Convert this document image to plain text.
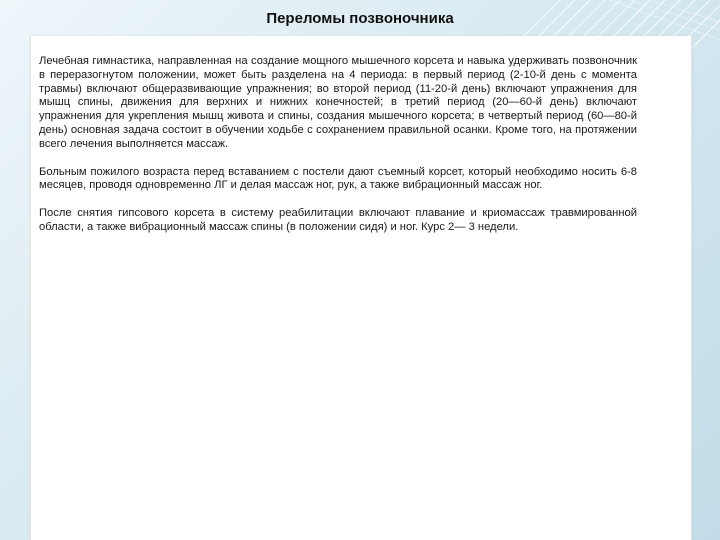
Переломы позвоночника

Лечебная гимнастика, направленная на создание мощного мышечного корсета и навыка удерживать позвоночник в переразогнутом положении, может быть разделена на 4 периода: в первый период (2-10-й день с момента травмы) включают общеразвивающие упражнения; во второй период (11-20-й день) включают упражнения для мышц спины, движения для верхних и нижних конечностей; в третий период (20—60-й день) включают упражнения для укрепления мышц живота и спины, создания мышечного корсета; в четвертый период (60—80-й день) основная задача состоит в обучении ходьбе с сохранением правильной осанки. Кроме того, на протяжении всего лечения выполняется массаж.

Больным пожилого возраста перед вставанием с постели дают съемный корсет, который необходимо носить 6-8 месяцев, проводя одновременно ЛГ и делая массаж ног, рук, а также вибрационный массаж ног.

После снятия гипсового корсета в систему реабилитации включают плавание и криомассаж травмированной области, а также вибрационный массаж спины (в положении сидя) и ног. Курс 2— 3 недели.
